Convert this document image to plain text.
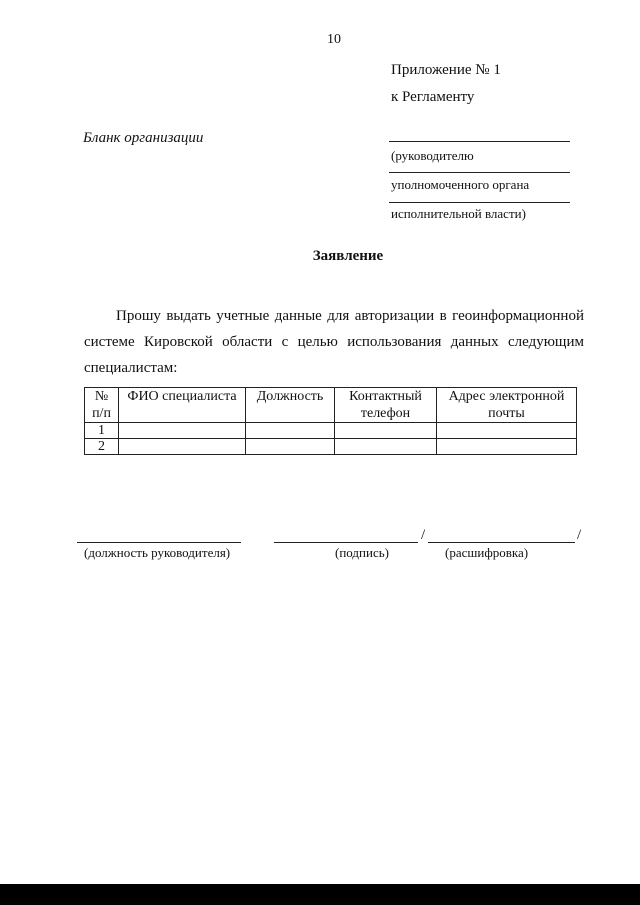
10
Приложение № 1
к Регламенту
Бланк организации
(руководителю
уполномоченного органа
исполнительной власти)
Заявление
Прошу выдать учетные данные для авторизации в геоинформационной системе Кировской области с целью использования данных следующим специалистам:
№ п/п	ФИО специалиста	Должность	Контактный телефон	Адрес электронной почты
1				
2				
/	/
(должность руководителя)	(подпись)	(расшифровка)
